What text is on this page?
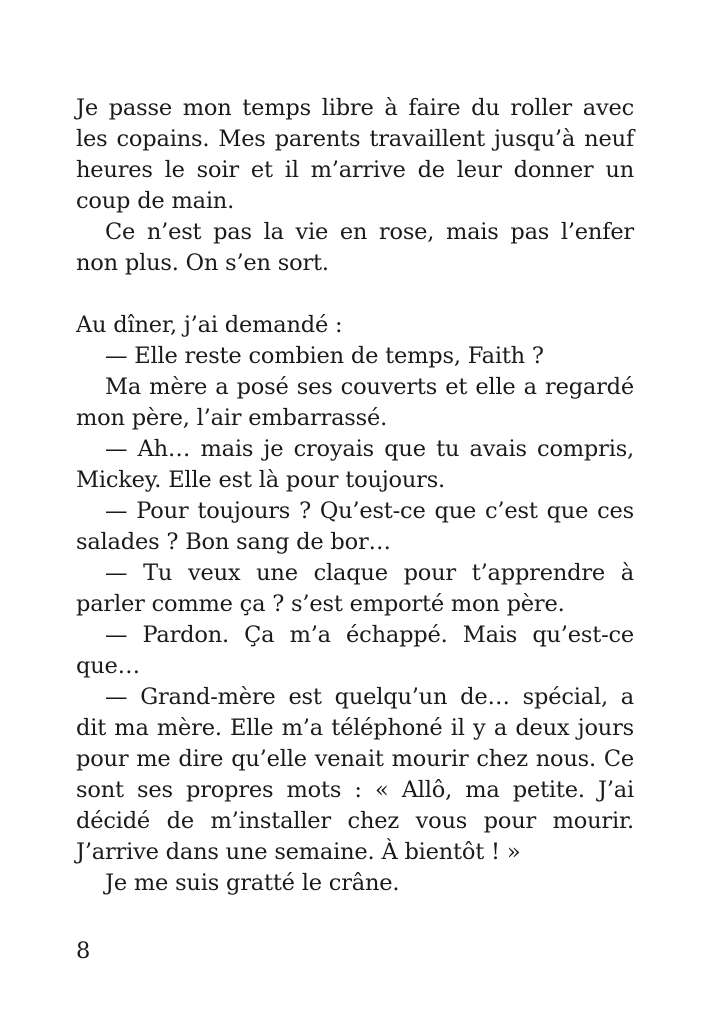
Je passe mon temps libre à faire du roller avec les copains. Mes parents travaillent jusqu’à neuf heures le soir et il m’arrive de leur donner un coup de main.

Ce n’est pas la vie en rose, mais pas l’enfer non plus. On s’en sort.

Au dîner, j’ai demandé :

— Elle reste combien de temps, Faith ?

Ma mère a posé ses couverts et elle a regardé mon père, l’air embarrassé.

— Ah… mais je croyais que tu avais compris, Mickey. Elle est là pour toujours.

— Pour toujours ? Qu’est-ce que c’est que ces salades ? Bon sang de bor…

— Tu veux une claque pour t’apprendre à parler comme ça ? s’est emporté mon père.

— Pardon. Ça m’a échappé. Mais qu’est-ce que…

— Grand-mère est quelqu’un de… spécial, a dit ma mère. Elle m’a téléphoné il y a deux jours pour me dire qu’elle venait mourir chez nous. Ce sont ses propres mots : « Allô, ma petite. J’ai décidé de m’installer chez vous pour mourir. J’arrive dans une semaine. À bientôt ! »

Je me suis gratté le crâne.

8
